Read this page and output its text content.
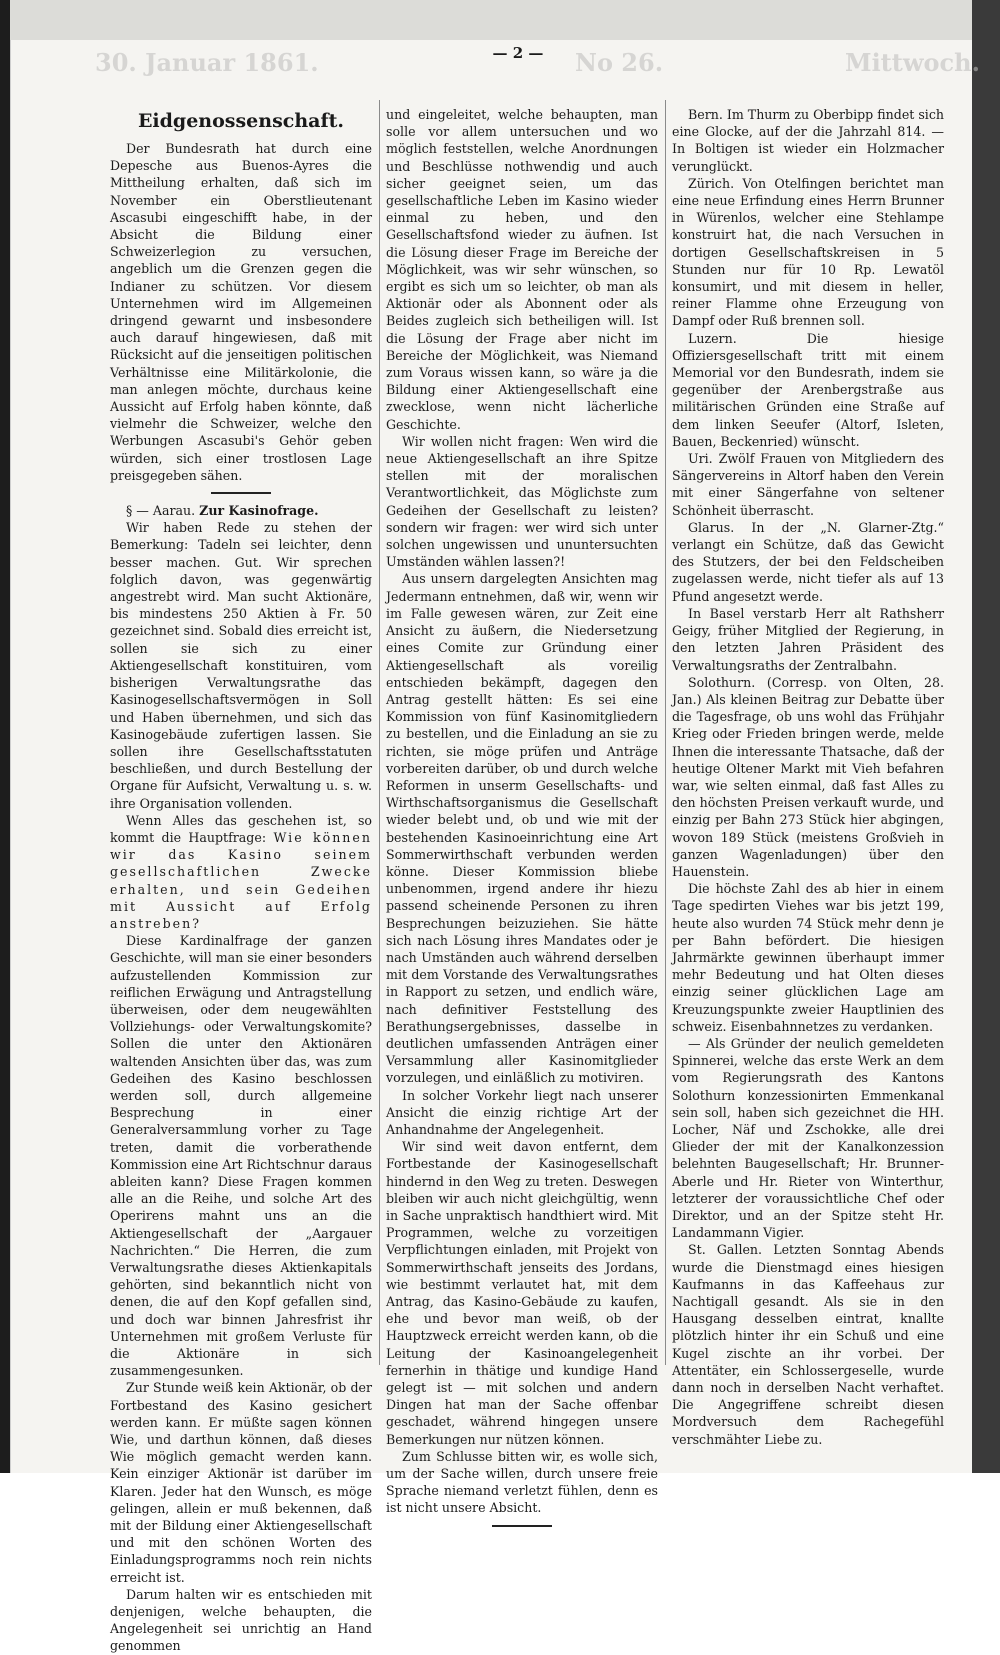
30. Januar 1861.	No 26.	Mittwoch.
— 2 —
Eidgenossenschaft.

Der Bundesrath hat durch eine Depesche aus Buenos-Ayres die Mittheilung erhalten, daß sich im November ein Oberstlieutenant Ascasubi eingeschifft habe, in der Absicht die Bildung einer Schweizerlegion zu versuchen, angeblich um die Grenzen gegen die Indianer zu schützen. Vor diesem Unternehmen wird im Allgemeinen dringend gewarnt und insbesondere auch darauf hingewiesen, daß mit Rücksicht auf die jenseitigen politischen Verhältnisse eine Militärkolonie, die man anlegen möchte, durchaus keine Aussicht auf Erfolg haben könnte, daß vielmehr die Schweizer, welche den Werbungen Ascasubi's Gehör geben würden, sich einer trostlosen Lage preisgegeben sähen.

§ — Aarau. Zur Kasinofrage.

Wir haben Rede zu stehen der Bemerkung: Tadeln sei leichter, denn besser machen. Gut. Wir sprechen folglich davon, was gegenwärtig angestrebt wird. Man sucht Aktionäre, bis mindestens 250 Aktien à Fr. 50 gezeichnet sind. Sobald dies erreicht ist, sollen sie sich zu einer Aktiengesellschaft konstituiren, vom bisherigen Verwaltungsrathe das Kasinogesellschaftsvermögen in Soll und Haben übernehmen, und sich das Kasinogebäude zufertigen lassen. Sie sollen ihre Gesellschaftsstatuten beschließen, und durch Bestellung der Organe für Aufsicht, Verwaltung u. s. w. ihre Organisation vollenden.

Wenn Alles das geschehen ist, so kommt die Hauptfrage: Wie können wir das Kasino seinem gesellschaftlichen Zwecke erhalten, und sein Gedeihen mit Aussicht auf Erfolg anstreben?

Diese Kardinalfrage der ganzen Geschichte, will man sie einer besonders aufzustellenden Kommission zur reiflichen Erwägung und Antragstellung überweisen, oder dem neugewählten Vollziehungs- oder Verwaltungskomite? Sollen die unter den Aktionären waltenden Ansichten über das, was zum Gedeihen des Kasino beschlossen werden soll, durch allgemeine Besprechung in einer Generalversammlung vorher zu Tage treten, damit die vorberathende Kommission eine Art Richtschnur daraus ableiten kann? Diese Fragen kommen alle an die Reihe, und solche Art des Operirens mahnt uns an die Aktiengesellschaft der „Aargauer Nachrichten.“ Die Herren, die zum Verwaltungsrathe dieses Aktienkapitals gehörten, sind bekanntlich nicht von denen, die auf den Kopf gefallen sind, und doch war binnen Jahresfrist ihr Unternehmen mit großem Verluste für die Aktionäre in sich zusammengesunken.

Zur Stunde weiß kein Aktionär, ob der Fortbestand des Kasino gesichert werden kann. Er müßte sagen können Wie, und darthun können, daß dieses Wie möglich gemacht werden kann. Kein einziger Aktionär ist darüber im Klaren. Jeder hat den Wunsch, es möge gelingen, allein er muß bekennen, daß mit der Bildung einer Aktiengesellschaft und mit den schönen Worten des Einladungsprogramms noch rein nichts erreicht ist.

Darum halten wir es entschieden mit denjenigen, welche behaupten, die Angelegenheit sei unrichtig an Hand genommen

und eingeleitet, welche behaupten, man solle vor allem untersuchen und wo möglich feststellen, welche Anordnungen und Beschlüsse nothwendig und auch sicher geeignet seien, um das gesellschaftliche Leben im Kasino wieder einmal zu heben, und den Gesellschaftsfond wieder zu äufnen. Ist die Lösung dieser Frage im Bereiche der Möglichkeit, was wir sehr wünschen, so ergibt es sich um so leichter, ob man als Aktionär oder als Abonnent oder als Beides zugleich sich betheiligen will. Ist die Lösung der Frage aber nicht im Bereiche der Möglichkeit, was Niemand zum Voraus wissen kann, so wäre ja die Bildung einer Aktiengesellschaft eine zwecklose, wenn nicht lächerliche Geschichte.

Wir wollen nicht fragen: Wen wird die neue Aktiengesellschaft an ihre Spitze stellen mit der moralischen Verantwortlichkeit, das Möglichste zum Gedeihen der Gesellschaft zu leisten? sondern wir fragen: wer wird sich unter solchen ungewissen und ununtersuchten Umständen wählen lassen?!

Aus unsern dargelegten Ansichten mag Jedermann entnehmen, daß wir, wenn wir im Falle gewesen wären, zur Zeit eine Ansicht zu äußern, die Niedersetzung eines Comite zur Gründung einer Aktiengesellschaft als voreilig entschieden bekämpft, dagegen den Antrag gestellt hätten: Es sei eine Kommission von fünf Kasinomitgliedern zu bestellen, und die Einladung an sie zu richten, sie möge prüfen und Anträge vorbereiten darüber, ob und durch welche Reformen in unserm Gesellschafts- und Wirthschaftsorganismus die Gesellschaft wieder belebt und, ob und wie mit der bestehenden Kasinoeinrichtung eine Art Sommerwirthschaft verbunden werden könne. Dieser Kommission bliebe unbenommen, irgend andere ihr hiezu passend scheinende Personen zu ihren Besprechungen beizuziehen. Sie hätte sich nach Lösung ihres Mandates oder je nach Umständen auch während derselben mit dem Vorstande des Verwaltungsrathes in Rapport zu setzen, und endlich wäre, nach definitiver Feststellung des Berathungsergebnisses, dasselbe in deutlichen umfassenden Anträgen einer Versammlung aller Kasinomitglieder vorzulegen, und einläßlich zu motiviren.

In solcher Vorkehr liegt nach unserer Ansicht die einzig richtige Art der Anhandnahme der Angelegenheit.

Wir sind weit davon entfernt, dem Fortbestande der Kasinogesellschaft hindernd in den Weg zu treten. Deswegen bleiben wir auch nicht gleichgültig, wenn in Sache unpraktisch handthiert wird. Mit Programmen, welche zu vorzeitigen Verpflichtungen einladen, mit Projekt von Sommerwirthschaft jenseits des Jordans, wie bestimmt verlautet hat, mit dem Antrag, das Kasino-Gebäude zu kaufen, ehe und bevor man weiß, ob der Hauptzweck erreicht werden kann, ob die Leitung der Kasinoangelegenheit fernerhin in thätige und kundige Hand gelegt ist — mit solchen und andern Dingen hat man der Sache offenbar geschadet, während hingegen unsere Bemerkungen nur nützen können.

Zum Schlusse bitten wir, es wolle sich, um der Sache willen, durch unsere freie Sprache niemand verletzt fühlen, denn es ist nicht unsere Absicht.

Bern. Im Thurm zu Oberbipp findet sich eine Glocke, auf der die Jahrzahl 814. — In Boltigen ist wieder ein Holzmacher verunglückt.

Zürich. Von Otelfingen berichtet man eine neue Erfindung eines Herrn Brunner in Würenlos, welcher eine Stehlampe konstruirt hat, die nach Versuchen in dortigen Gesellschaftskreisen in 5 Stunden nur für 10 Rp. Lewatöl konsumirt, und mit diesem in heller, reiner Flamme ohne Erzeugung von Dampf oder Ruß brennen soll.

Luzern. Die hiesige Offiziersgesellschaft tritt mit einem Memorial vor den Bundesrath, indem sie gegenüber der Arenbergstraße aus militärischen Gründen eine Straße auf dem linken Seeufer (Altorf, Isleten, Bauen, Beckenried) wünscht.

Uri. Zwölf Frauen von Mitgliedern des Sängervereins in Altorf haben den Verein mit einer Sängerfahne von seltener Schönheit überrascht.

Glarus. In der „N. Glarner-Ztg.“ verlangt ein Schütze, daß das Gewicht des Stutzers, der bei den Feldscheiben zugelassen werde, nicht tiefer als auf 13 Pfund angesetzt werde.

In Basel verstarb Herr alt Rathsherr Geigy, früher Mitglied der Regierung, in den letzten Jahren Präsident des Verwaltungsraths der Zentralbahn.

Solothurn. (Corresp. von Olten, 28. Jan.) Als kleinen Beitrag zur Debatte über die Tagesfrage, ob uns wohl das Frühjahr Krieg oder Frieden bringen werde, melde Ihnen die interessante Thatsache, daß der heutige Oltener Markt mit Vieh befahren war, wie selten einmal, daß fast Alles zu den höchsten Preisen verkauft wurde, und einzig per Bahn 273 Stück hier abgingen, wovon 189 Stück (meistens Großvieh in ganzen Wagenladungen) über den Hauenstein.

Die höchste Zahl des ab hier in einem Tage spedirten Viehes war bis jetzt 199, heute also wurden 74 Stück mehr denn je per Bahn befördert. Die hiesigen Jahrmärkte gewinnen überhaupt immer mehr Bedeutung und hat Olten dieses einzig seiner glücklichen Lage am Kreuzungspunkte zweier Hauptlinien des schweiz. Eisenbahnnetzes zu verdanken.

— Als Gründer der neulich gemeldeten Spinnerei, welche das erste Werk an dem vom Regierungsrath des Kantons Solothurn konzessionirten Emmenkanal sein soll, haben sich gezeichnet die HH. Locher, Näf und Zschokke, alle drei Glieder der mit der Kanalkonzession belehnten Baugesellschaft; Hr. Brunner-Aberle und Hr. Rieter von Winterthur, letzterer der voraussichtliche Chef oder Direktor, und an der Spitze steht Hr. Landammann Vigier.

St. Gallen. Letzten Sonntag Abends wurde die Dienstmagd eines hiesigen Kaufmanns in das Kaffeehaus zur Nachtigall gesandt. Als sie in den Hausgang desselben eintrat, knallte plötzlich hinter ihr ein Schuß und eine Kugel zischte an ihr vorbei. Der Attentäter, ein Schlossergeselle, wurde dann noch in derselben Nacht verhaftet. Die Angegriffene schreibt diesen Mordversuch dem Rachegefühl verschmähter Liebe zu.
